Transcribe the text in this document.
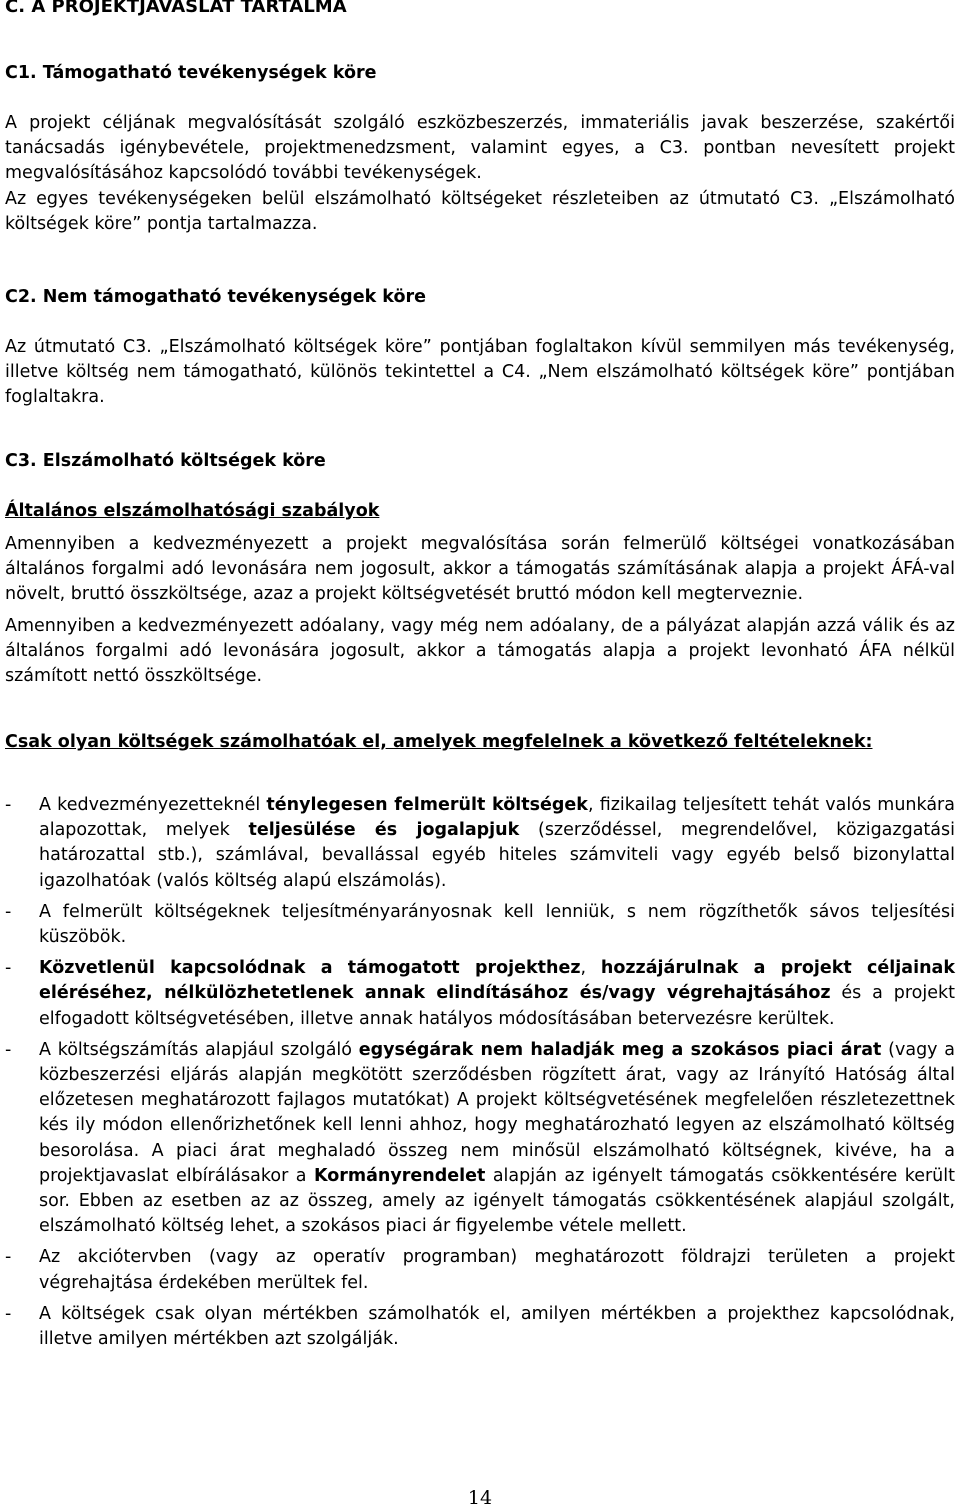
C. A PROJEKTJAVASLAT TARTALMA

C1. Támogatható tevékenységek köre

A projekt céljának megvalósítását szolgáló eszközbeszerzés, immateriális javak beszerzése, szakértői tanácsadás igénybevétele, projektmenedzsment, valamint egyes, a C3. pontban nevesített projekt megvalósításához kapcsolódó további tevékenységek.

Az egyes tevékenységeken belül elszámolható költségeket részleteiben az útmutató C3. „Elszámolható költségek köre” pontja tartalmazza.

C2. Nem támogatható tevékenységek köre

Az útmutató C3. „Elszámolható költségek köre” pontjában foglaltakon kívül semmilyen más tevékenység, illetve költség nem támogatható, különös tekintettel a C4. „Nem elszámolható költségek köre” pontjában foglaltakra.

C3. Elszámolható költségek köre

Általános elszámolhatósági szabályok

Amennyiben a kedvezményezett a projekt megvalósítása során felmerülő költségei vonatkozásában általános forgalmi adó levonására nem jogosult, akkor a támogatás számításának alapja a projekt ÁFÁ-val növelt, bruttó összköltsége, azaz a projekt költségvetését bruttó módon kell megterveznie.

Amennyiben a kedvezményezett adóalany, vagy még nem adóalany, de a pályázat alapján azzá válik és az általános forgalmi adó levonására jogosult, akkor a támogatás alapja a projekt levonható ÁFA nélkül számított nettó összköltsége.

Csak olyan költségek számolhatóak el, amelyek megfelelnek a következő feltételeknek:

- A kedvezményezetteknél ténylegesen felmerült költségek, fizikailag teljesített tehát valós munkára alapozottak, melyek teljesülése és jogalapjuk (szerződéssel, megrendelővel, közigazgatási határozattal stb.), számlával, bevallással egyéb hiteles számviteli vagy egyéb belső bizonylattal igazolhatóak (valós költség alapú elszámolás).
- A felmerült költségeknek teljesítményarányosnak kell lenniük, s nem rögzíthetők sávos teljesítési küszöbök.
- Közvetlenül kapcsolódnak a támogatott projekthez, hozzájárulnak a projekt céljainak eléréséhez, nélkülözhetetlenek annak elindításához és/vagy végrehajtásához és a projekt elfogadott költségvetésében, illetve annak hatályos módosításában betervezésre kerültek.
- A költségszámítás alapjául szolgáló egységárak nem haladják meg a szokásos piaci árat (vagy a közbeszerzési eljárás alapján megkötött szerződésben rögzített árat, vagy az Irányító Hatóság által előzetesen meghatározott fajlagos mutatókat) A projekt költségvetésének megfelelően részletezettnek kés ily módon ellenőrizhetőnek kell lenni ahhoz, hogy meghatározható legyen az elszámolható költség besorolása. A piaci árat meghaladó összeg nem minősül elszámolható költségnek, kivéve, ha a projektjavaslat elbírálásakor a Kormányrendelet alapján az igényelt támogatás csökkentésére került sor. Ebben az esetben az az összeg, amely az igényelt támogatás csökkentésének alapjául szolgált, elszámolható költség lehet, a szokásos piaci ár figyelembe vétele mellett.
- Az akciótervben (vagy az operatív programban) meghatározott földrajzi területen a projekt végrehajtása érdekében merültek fel.
- A költségek csak olyan mértékben számolhatók el, amilyen mértékben a projekthez kapcsolódnak, illetve amilyen mértékben azt szolgálják.
14
